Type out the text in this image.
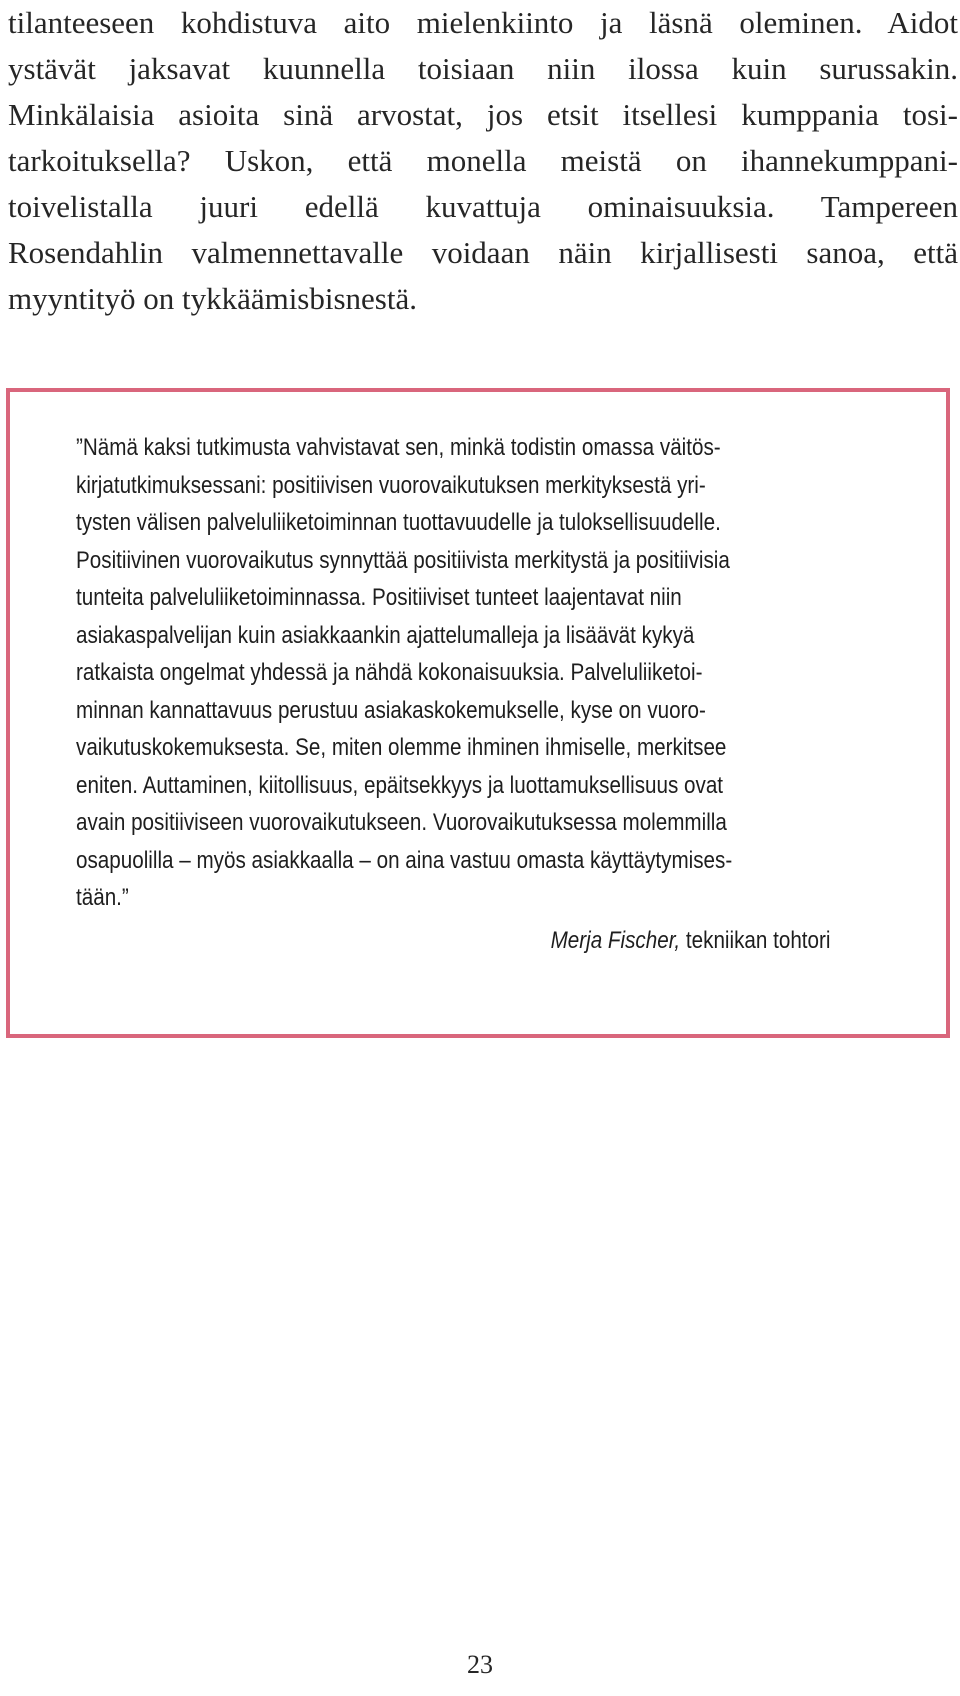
tilanteeseen kohdistuva aito mielenkiinto ja läsnä oleminen. Aidot
ystävät jaksavat kuunnella toisiaan niin ilossa kuin surussakin.
Minkälaisia asioita sinä arvostat, jos etsit itsellesi kumppania tosi-
tarkoituksella? Uskon, että monella meistä on ihannekumppani-
toivelistalla juuri edellä kuvattuja ominaisuuksia. Tampereen
Rosendahlin valmennettavalle voidaan näin kirjallisesti sanoa, että
myyntityö on tykkäämisbisnestä.
”Nämä kaksi tutkimusta vahvistavat sen, minkä todistin omassa väitös-
kirjatutkimuksessani: positiivisen vuorovaikutuksen merkityksestä yri-
tysten välisen palveluliiketoiminnan tuottavuudelle ja tuloksellisuudelle.
Positiivinen vuorovaikutus synnyttää positiivista merkitystä ja positiivisia
tunteita palveluliiketoiminnassa. Positiiviset tunteet laajentavat niin
asiakaspalvelijan kuin asiakkaankin ajattelumalleja ja lisäävät kykyä
ratkaista ongelmat yhdessä ja nähdä kokonaisuuksia. Palveluliiketoi-
minnan kannattavuus perustuu asiakaskokemukselle, kyse on vuoro-
vaikutuskokemuksesta. Se, miten olemme ihminen ihmiselle, merkitsee
eniten. Auttaminen, kiitollisuus, epäitsekkyys ja luottamuksellisuus ovat
avain positiiviseen vuorovaikutukseen. Vuorovaikutuksessa molemmilla
osapuolilla – myös asiakkaalla – on aina vastuu omasta käyttäytymises-
tään.”
Merja Fischer, tekniikan tohtori
23
